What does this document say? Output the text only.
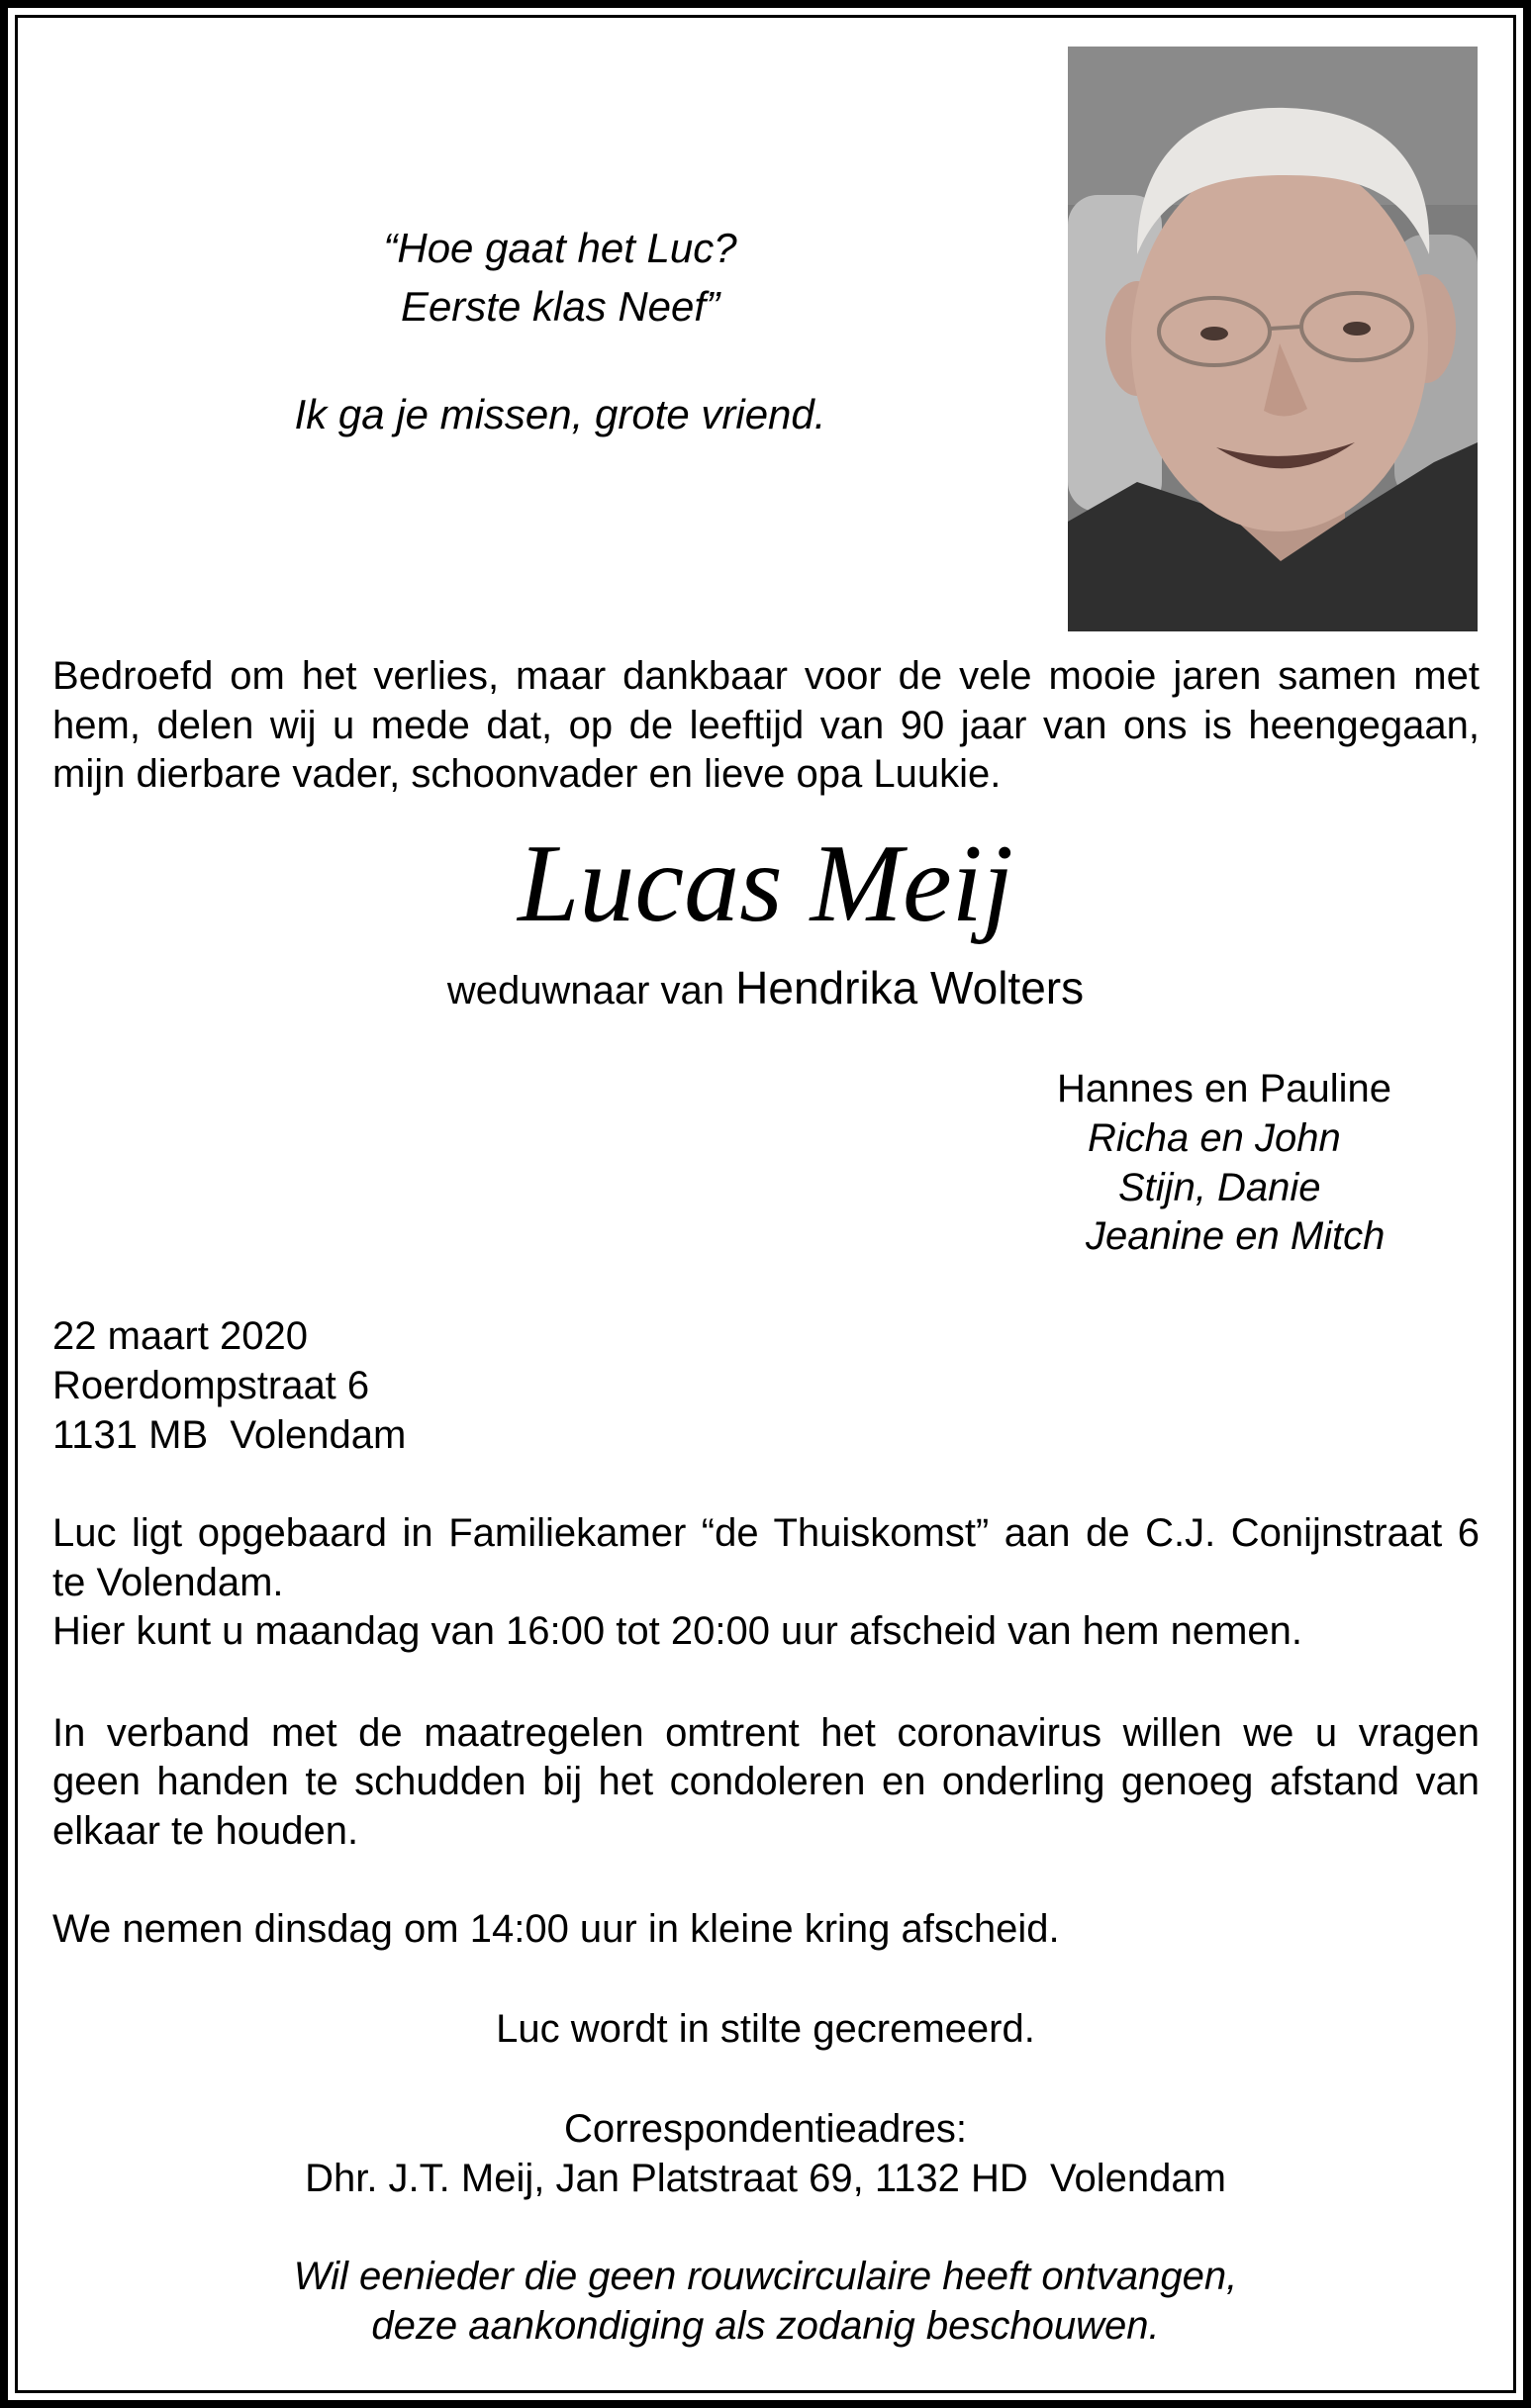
“Hoe gaat het Luc?
Eerste klas Neef”
Ik ga je missen, grote vriend.
Bedroefd om het verlies, maar dankbaar voor de vele mooie jaren samen met
hem, delen wij u mede dat, op de leeftijd van 90 jaar van ons is heengegaan,
mijn dierbare vader, schoonvader en lieve opa Luukie.
Lucas Meij
weduwnaar van Hendrika Wolters
Hannes en Pauline
Richa en John
Stijn, Danie
Jeanine en Mitch
22 maart 2020
Roerdompstraat 6
1131 MB  Volendam
Luc ligt opgebaard in Familiekamer “de Thuiskomst” aan de C.J. Conijnstraat 6
te Volendam.
Hier kunt u maandag van 16:00 tot 20:00 uur afscheid van hem nemen.
In verband met de maatregelen omtrent het coronavirus willen we u vragen
geen handen te schudden bij het condoleren en onderling genoeg afstand van
elkaar te houden.
We nemen dinsdag om 14:00 uur in kleine kring afscheid.
Luc wordt in stilte gecremeerd.
Correspondentieadres:
Dhr. J.T. Meij, Jan Platstraat 69, 1132 HD  Volendam
Wil eenieder die geen rouwcirculaire heeft ontvangen,
deze aankondiging als zodanig beschouwen.
